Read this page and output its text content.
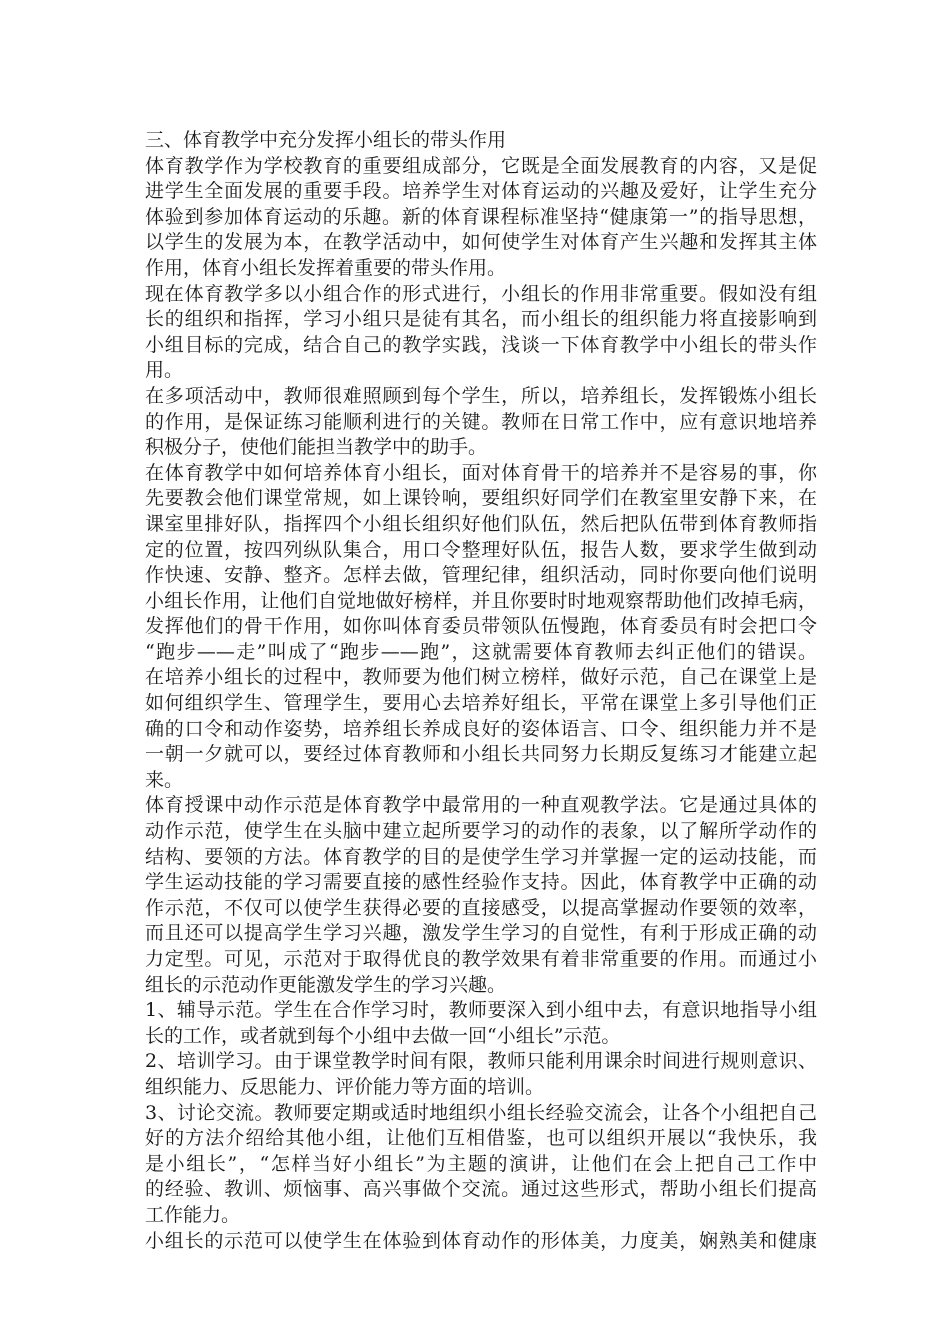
三、体育教学中充分发挥小组长的带头作用
体育教学作为学校教育的重要组成部分，它既是全面发展教育的内容，又是促
进学生全面发展的重要手段。培养学生对体育运动的兴趣及爱好，让学生充分
体验到参加体育运动的乐趣。新的体育课程标准坚持“健康第一”的指导思想，
以学生的发展为本，在教学活动中，如何使学生对体育产生兴趣和发挥其主体
作用，体育小组长发挥着重要的带头作用。
现在体育教学多以小组合作的形式进行，小组长的作用非常重要。假如没有组
长的组织和指挥，学习小组只是徒有其名，而小组长的组织能力将直接影响到
小组目标的完成，结合自己的教学实践，浅谈一下体育教学中小组长的带头作
用。
在多项活动中，教师很难照顾到每个学生，所以，培养组长，发挥锻炼小组长
的作用，是保证练习能顺利进行的关键。教师在日常工作中，应有意识地培养
积极分子，使他们能担当教学中的助手。
在体育教学中如何培养体育小组长，面对体育骨干的培养并不是容易的事，你
先要教会他们课堂常规，如上课铃响，要组织好同学们在教室里安静下来，在
课室里排好队，指挥四个小组长组织好他们队伍，然后把队伍带到体育教师指
定的位置，按四列纵队集合，用口令整理好队伍，报告人数，要求学生做到动
作快速、安静、整齐。怎样去做，管理纪律，组织活动，同时你要向他们说明
小组长作用，让他们自觉地做好榜样，并且你要时时地观察帮助他们改掉毛病，
发挥他们的骨干作用，如你叫体育委员带领队伍慢跑，体育委员有时会把口令
“跑步——走”叫成了“跑步——跑”，这就需要体育教师去纠正他们的错误。
在培养小组长的过程中，教师要为他们树立榜样，做好示范，自己在课堂上是
如何组织学生、管理学生，要用心去培养好组长，平常在课堂上多引导他们正
确的口令和动作姿势，培养组长养成良好的姿体语言、口令、组织能力并不是
一朝一夕就可以，要经过体育教师和小组长共同努力长期反复练习才能建立起
来。
体育授课中动作示范是体育教学中最常用的一种直观教学法。它是通过具体的
动作示范，使学生在头脑中建立起所要学习的动作的表象，以了解所学动作的
结构、要领的方法。体育教学的目的是使学生学习并掌握一定的运动技能，而
学生运动技能的学习需要直接的感性经验作支持。因此，体育教学中正确的动
作示范，不仅可以使学生获得必要的直接感受，以提高掌握动作要领的效率，
而且还可以提高学生学习兴趣，激发学生学习的自觉性，有利于形成正确的动
力定型。可见，示范对于取得优良的教学效果有着非常重要的作用。而通过小
组长的示范动作更能激发学生的学习兴趣。
1、辅导示范。学生在合作学习时，教师要深入到小组中去，有意识地指导小组
长的工作，或者就到每个小组中去做一回“小组长”示范。
2、培训学习。由于课堂教学时间有限，教师只能利用课余时间进行规则意识、
组织能力、反思能力、评价能力等方面的培训。
3、讨论交流。教师要定期或适时地组织小组长经验交流会，让各个小组把自己
好的方法介绍给其他小组，让他们互相借鉴，也可以组织开展以“我快乐，我
是小组长”，“怎样当好小组长”为主题的演讲，让他们在会上把自己工作中
的经验、教训、烦恼事、高兴事做个交流。通过这些形式，帮助小组长们提高
工作能力。
小组长的示范可以使学生在体验到体育动作的形体美，力度美，娴熟美和健康
